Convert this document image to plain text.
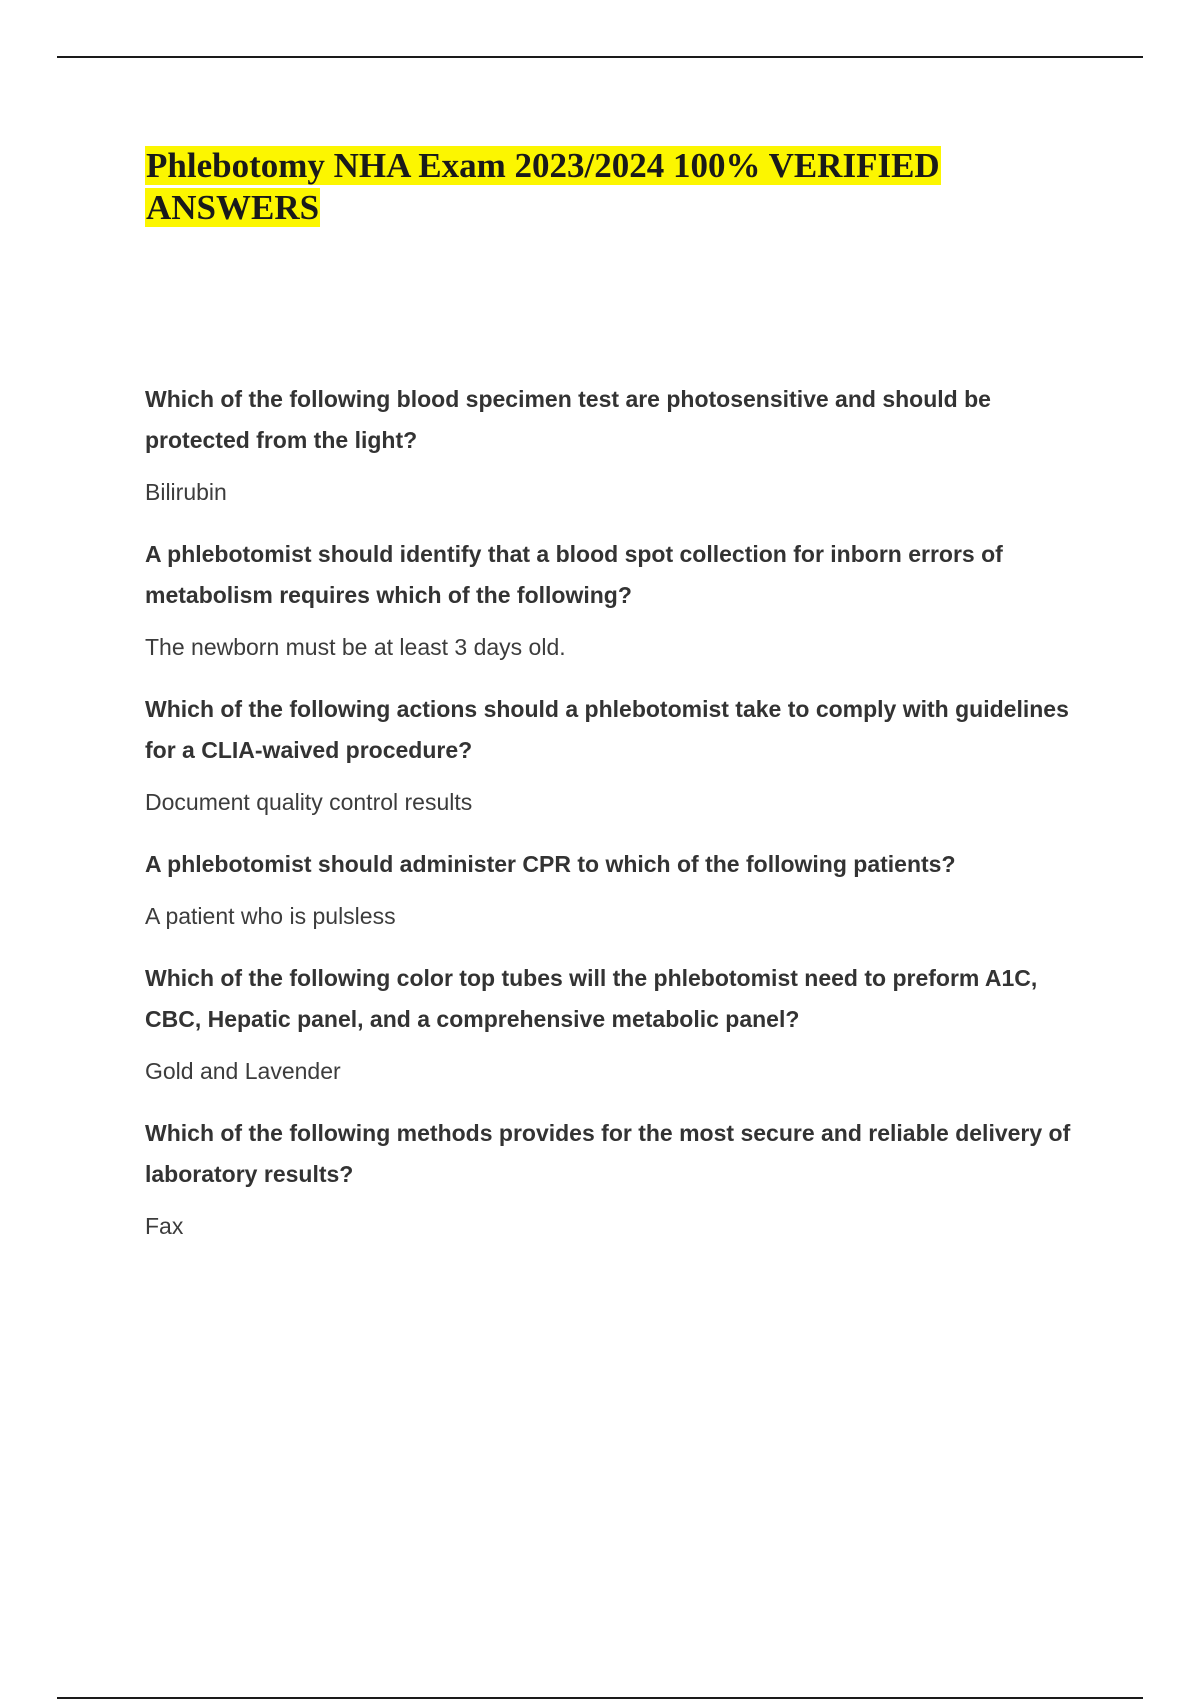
Phlebotomy NHA Exam 2023/2024 100% VERIFIED ANSWERS

Which of the following blood specimen test are photosensitive and should be protected from the light?

Bilirubin

A phlebotomist should identify that a blood spot collection for inborn errors of metabolism requires which of the following?

The newborn must be at least 3 days old.

Which of the following actions should a phlebotomist take to comply with guidelines for a CLIA-waived procedure?

Document quality control results

A phlebotomist should administer CPR to which of the following patients?

A patient who is pulsless

Which of the following color top tubes will the phlebotomist need to preform A1C, CBC, Hepatic panel, and a comprehensive metabolic panel?

Gold and Lavender

Which of the following methods provides for the most secure and reliable delivery of laboratory results?

Fax
